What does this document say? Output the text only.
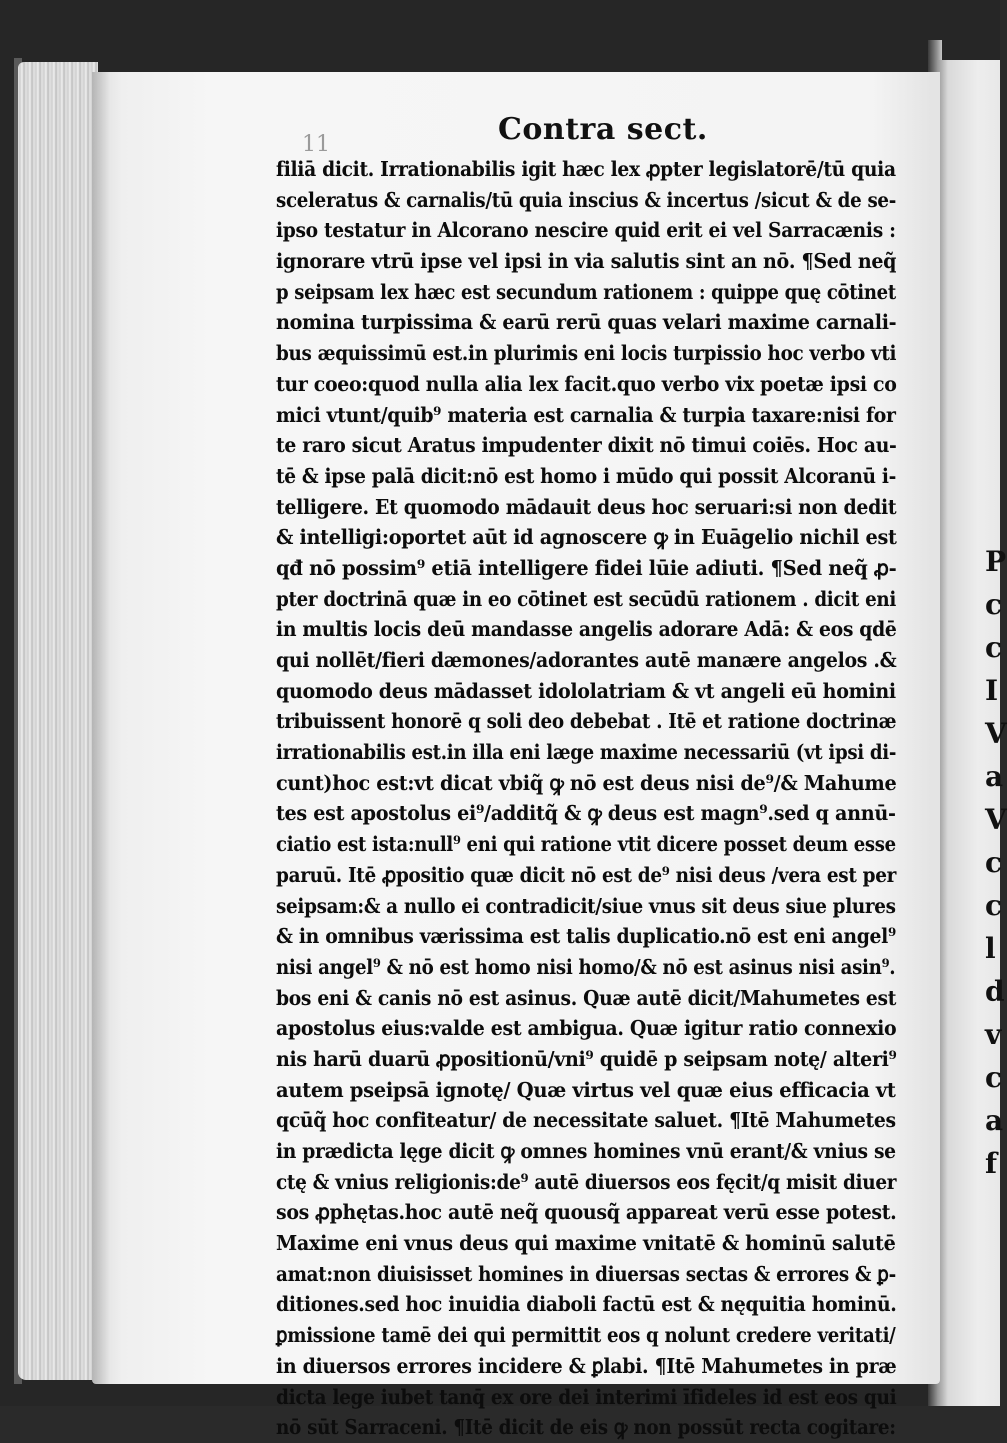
P
c
c
I
V
a
V
c
c
l
d
v
c
a
f
11	Contra sect.
filiā dicit. Irrationabilis igit hæc lex ꝓpter legislatorē/tū quia
sceleratus & carnalis/tū quia inscius & incertus /sicut & de se-
ipso testatur in Alcorano nescire quid erit ei vel Sarracænis :
ignorare vtrū ipse vel ipsi in via salutis sint an nō. ¶Sed neq̃
p seipsam lex hæc est secundum rationem : quippe quę cōtinet
nomina turpissima & earū rerū quas velari maxime carnali-
bus æquissimū est.in plurimis eni locis turpissio hoc verbo vti
tur coeo:quod nulla alia lex facit.quo verbo vix poetæ ipsi co
mici vtunt/quib⁹ materia est carnalia & turpia taxare:nisi for
te raro sicut Aratus impudenter dixit nō timui coiēs. Hoc au-
tē & ipse palā dicit:nō est homo i mūdo qui possit Alcoranū i-
telligere. Et quomodo mādauit deus hoc seruari:si non dedit
& intelligi:oportet aūt id agnoscere ꝙ in Euāgelio nichil est
qđ nō possim⁹ etiā intelligere fidei lūie adiuti. ¶Sed neq̃ ꝓ-
pter doctrinā quæ in eo cōtinet est secūdū rationem . dicit eni
in multis locis deū mandasse angelis adorare Adā: & eos qdē
qui nollēt/fieri dæmones/adorantes autē manære angelos .&
quomodo deus mādasset idololatriam & vt angeli eū homini
tribuissent honorē q soli deo debebat . Itē et ratione doctrinæ
irrationabilis est.in illa eni læge maxime necessariū (vt ipsi di-
cunt)hoc est:vt dicat vbiq̃ ꝙ nō est deus nisi de⁹/& Mahume
tes est apostolus ei⁹/additq̃ & ꝙ deus est magn⁹.sed q annū-
ciatio est ista:null⁹ eni qui ratione vtit dicere posset deum esse
paruū. Itē ꝓpositio quæ dicit nō est de⁹ nisi deus /vera est per
seipsam:& a nullo ei contradicit/siue vnus sit deus siue plures
& in omnibus værissima est talis duplicatio.nō est eni angel⁹
nisi angel⁹ & nō est homo nisi homo/& nō est asinus nisi asin⁹.
bos eni & canis nō est asinus. Quæ autē dicit/Mahumetes est
apostolus eius:valde est ambigua. Quæ igitur ratio connexio
nis harū duarū ꝓpositionū/vni⁹ quidē p seipsam notę/ alteri⁹
autem pseipsā ignotę/ Quæ virtus vel quæ eius efficacia vt
qcūq̃ hoc confiteatur/ de necessitate saluet. ¶Itē Mahumetes
in prædicta lęge dicit ꝙ omnes homines vnū erant/& vnius se
ctę & vnius religionis:de⁹ autē diuersos eos fęcit/q misit diuer
sos ꝓphętas.hoc autē neq̃ quousq̃ appareat verū esse potest.
Maxime eni vnus deus qui maxime vnitatē & hominū salutē
amat:non diuisisset homines in diuersas sectas & errores & ꝑ-
ditiones.sed hoc inuidia diaboli factū est & nęquitia hominū.
ꝑmissione tamē dei qui permittit eos q nolunt credere veritati/
in diuersos errores incidere & ꝑlabi. ¶Itē Mahumetes in præ
dicta lege iubet tanq̄ ex ore dei interimi īfideles id est eos qui
nō sūt Sarraceni. ¶Itē dicit de eis ꝙ non possūt recta cogitare:
